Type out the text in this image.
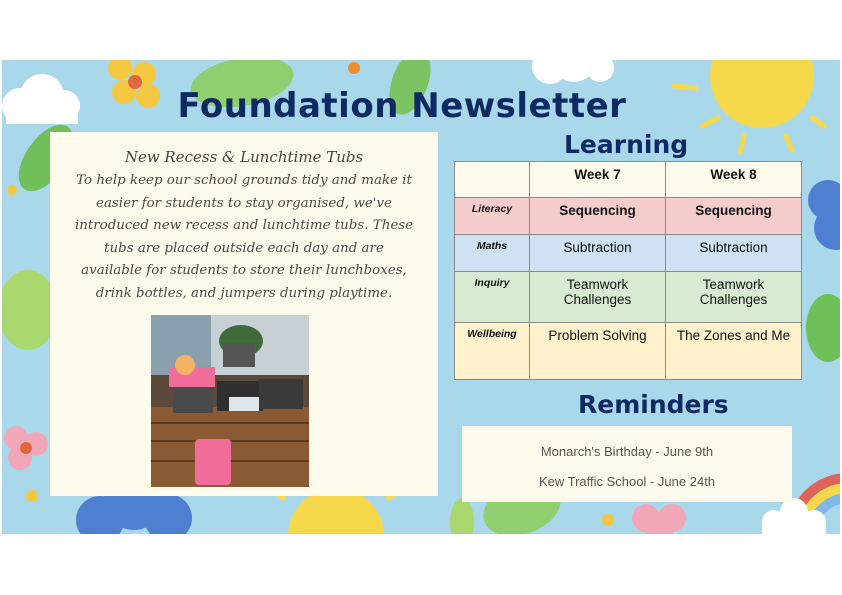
Foundation Newsletter
New Recess & Lunchtime Tubs
To help keep our school grounds tidy and make it easier for students to stay organised, we've introduced new recess and lunchtime tubs. These tubs are placed outside each day and are available for students to store their lunchboxes, drink bottles, and jumpers during playtime.
Learning
	Week 7	Week 8
Literacy	Sequencing	Sequencing
Maths	Subtraction	Subtraction
Inquiry	Teamwork Challenges	Teamwork Challenges
Wellbeing	Problem Solving	The Zones and Me
Reminders
Monarch's Birthday - June 9th
Kew Traffic School - June 24th
